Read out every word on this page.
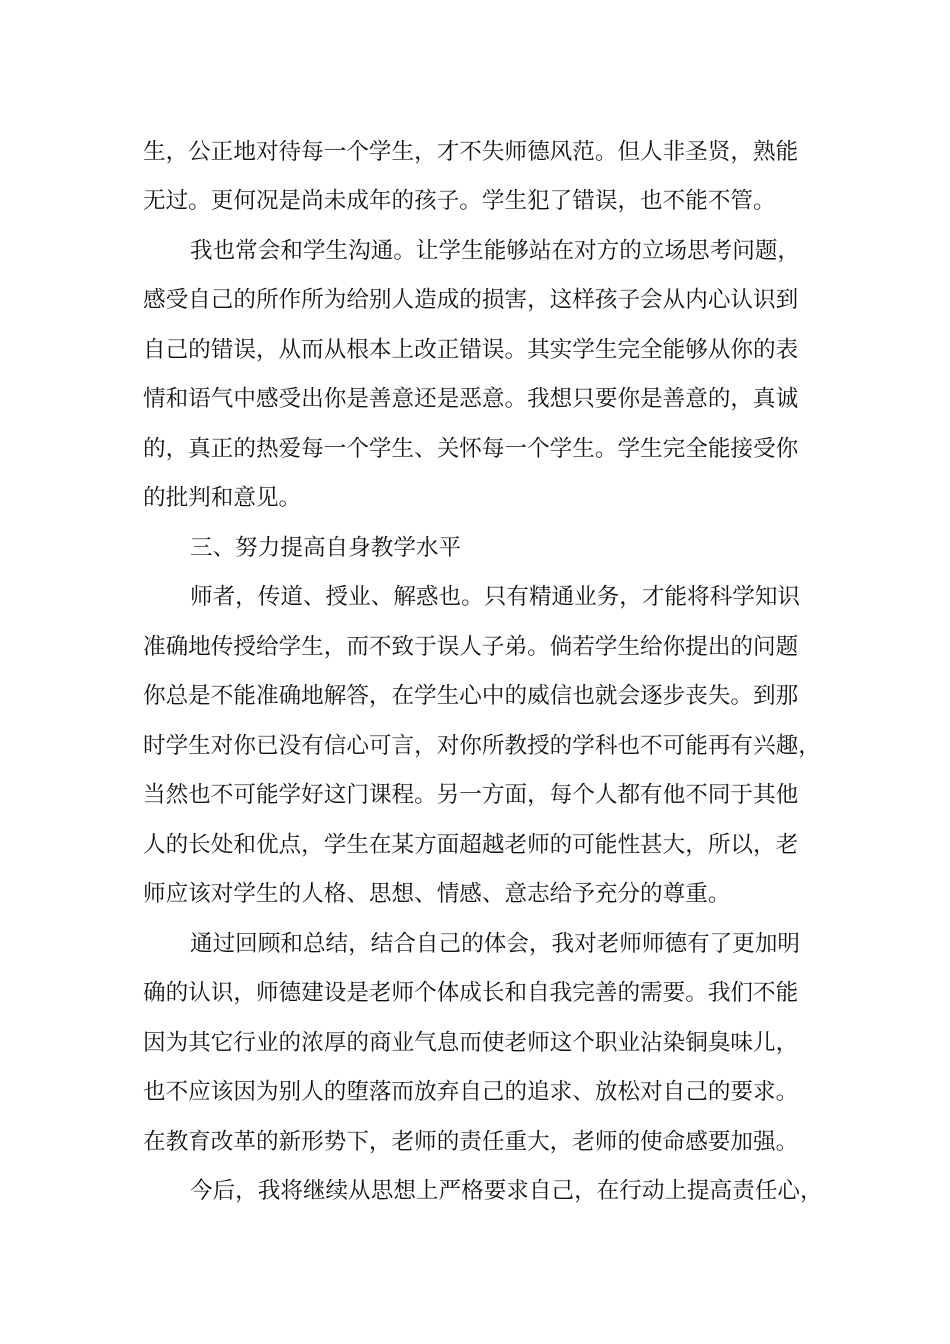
生，公正地对待每一个学生，才不失师德风范。但人非圣贤，熟能
无过。更何况是尚未成年的孩子。学生犯了错误，也不能不管。
我也常会和学生沟通。让学生能够站在对方的立场思考问题，
感受自己的所作所为给别人造成的损害，这样孩子会从内心认识到
自己的错误，从而从根本上改正错误。其实学生完全能够从你的表
情和语气中感受出你是善意还是恶意。我想只要你是善意的，真诚
的，真正的热爱每一个学生、关怀每一个学生。学生完全能接受你
的批判和意见。
三、努力提高自身教学水平
师者，传道、授业、解惑也。只有精通业务，才能将科学知识
准确地传授给学生，而不致于误人子弟。倘若学生给你提出的问题
你总是不能准确地解答，在学生心中的威信也就会逐步丧失。到那
时学生对你已没有信心可言，对你所教授的学科也不可能再有兴趣，
当然也不可能学好这门课程。另一方面，每个人都有他不同于其他
人的长处和优点，学生在某方面超越老师的可能性甚大，所以，老
师应该对学生的人格、思想、情感、意志给予充分的尊重。
通过回顾和总结，结合自己的体会，我对老师师德有了更加明
确的认识，师德建设是老师个体成长和自我完善的需要。我们不能
因为其它行业的浓厚的商业气息而使老师这个职业沾染铜臭味儿，
也不应该因为别人的堕落而放弃自己的追求、放松对自己的要求。
在教育改革的新形势下，老师的责任重大，老师的使命感要加强。
今后，我将继续从思想上严格要求自己，在行动上提高责任心，
